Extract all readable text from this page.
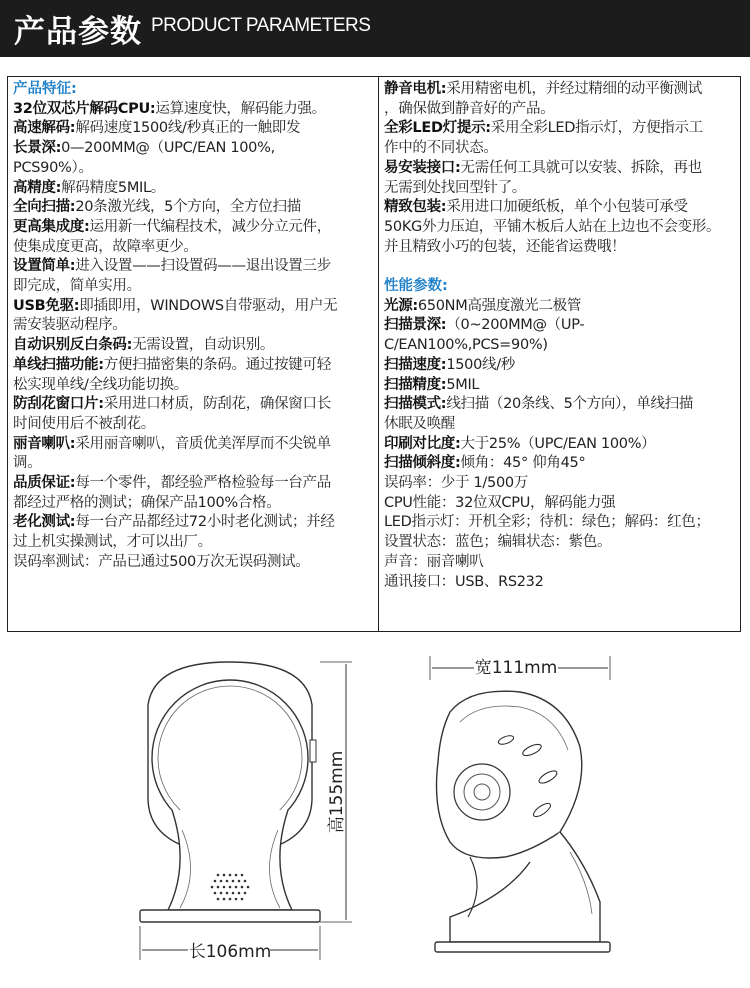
产品参数 PRODUCT PARAMETERS
产品特征:
32位双芯片解码CPU:运算速度快，解码能力强。
高速解码:解码速度1500线/秒真正的一触即发
长景深:0—200MM@（UPC/EAN 100%,
PCS90%）。
高精度:解码精度5MIL。
全向扫描:20条激光线，5个方向，全方位扫描
更高集成度:运用新一代编程技术，减少分立元件，
使集成度更高，故障率更少。
设置简单:进入设置——扫设置码——退出设置三步
即完成，简单实用。
USB免驱:即插即用，WINDOWS自带驱动，用户无
需安装驱动程序。
自动识别反白条码:无需设置，自动识别。
单线扫描功能:方便扫描密集的条码。通过按键可轻
松实现单线/全线功能切换。
防刮花窗口片:采用进口材质，防刮花，确保窗口长
时间使用后不被刮花。
丽音喇叭:采用丽音喇叭，音质优美浑厚而不尖锐单
调。
品质保证:每一个零件，都经验严格检验每一台产品
都经过严格的测试；确保产品100%合格。
老化测试:每一台产品都经过72小时老化测试；并经
过上机实操测试，才可以出厂。
误码率测试：产品已通过500万次无误码测试。
静音电机:采用精密电机，并经过精细的动平衡测试
，确保做到静音好的产品。
全彩LED灯提示:采用全彩LED指示灯，方便指示工
作中的不同状态。
易安装接口:无需任何工具就可以安装、拆除，再也
无需到处找回型针了。
精致包装:采用进口加硬纸板，单个小包装可承受
50KG外力压迫，平铺木板后人站在上边也不会变形。
并且精致小巧的包装，还能省运费哦！
性能参数:
光源:650NM高强度激光二极管
扫描景深:（0~200MM@（UP-
C/EAN100%,PCS=90%)
扫描速度:1500线/秒
扫描精度:5MIL
扫描模式:线扫描（20条线、5个方向），单线扫描
休眠及唤醒
印刷对比度:大于25%（UPC/EAN 100%）
扫描倾斜度:倾角：45° 仰角45°
误码率：少于 1/500万
CPU性能：32位双CPU，解码能力强
LED指示灯：开机全彩；待机：绿色；解码：红色；
设置状态：蓝色；编辑状态：紫色。
声音：丽音喇叭
通讯接口：USB、RS232
高155mm
长106mm
宽111mm
